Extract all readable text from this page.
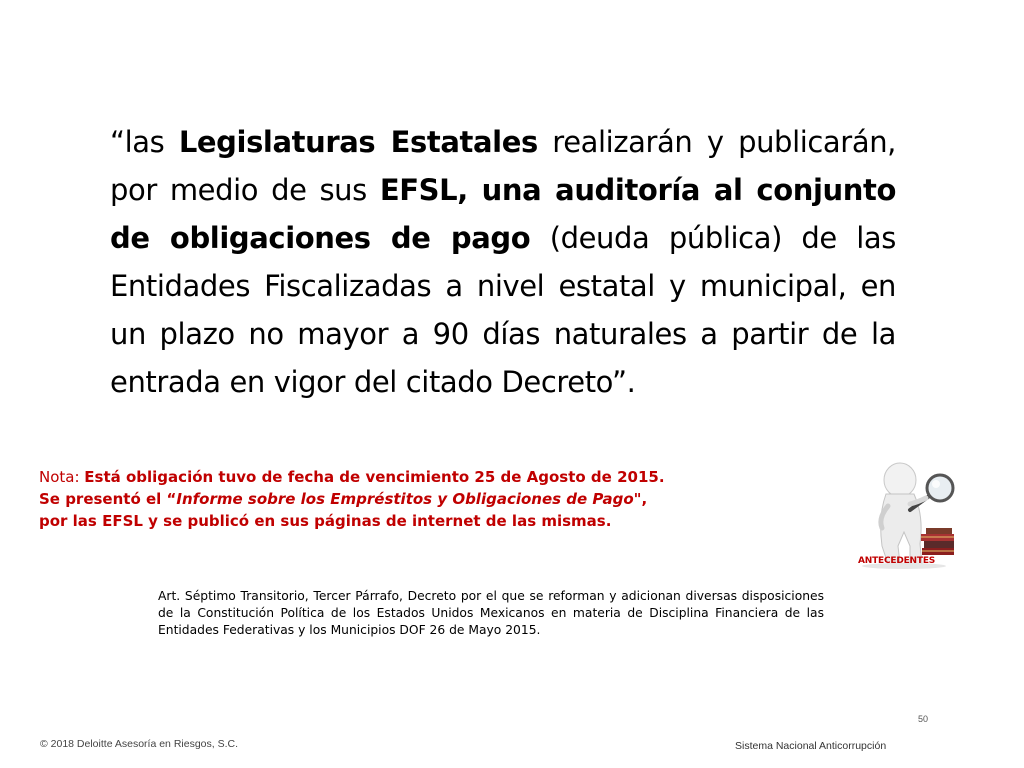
“las Legislaturas Estatales realizarán y publicarán, por medio de sus EFSL, una auditoría al conjunto de obligaciones de pago (deuda pública) de las Entidades Fiscalizadas a nivel estatal y municipal, en un plazo no mayor a 90 días naturales a partir de la entrada en vigor del citado Decreto”.
Nota: Está obligación tuvo de fecha de vencimiento 25 de Agosto de 2015.
Se presentó el “Informe sobre los Empréstitos y Obligaciones de Pago",
por las EFSL y se publicó en sus páginas de internet de las mismas.
ANTECEDENTES
Art. Séptimo Transitorio, Tercer Párrafo, Decreto por el que se reforman y adicionan diversas disposiciones de la Constitución Política de los Estados Unidos Mexicanos en materia de Disciplina Financiera de las Entidades Federativas y los Municipios DOF 26 de Mayo 2015.
50
© 2018 Deloitte Asesoría en Riesgos, S.C.	Sistema Nacional Anticorrupción
